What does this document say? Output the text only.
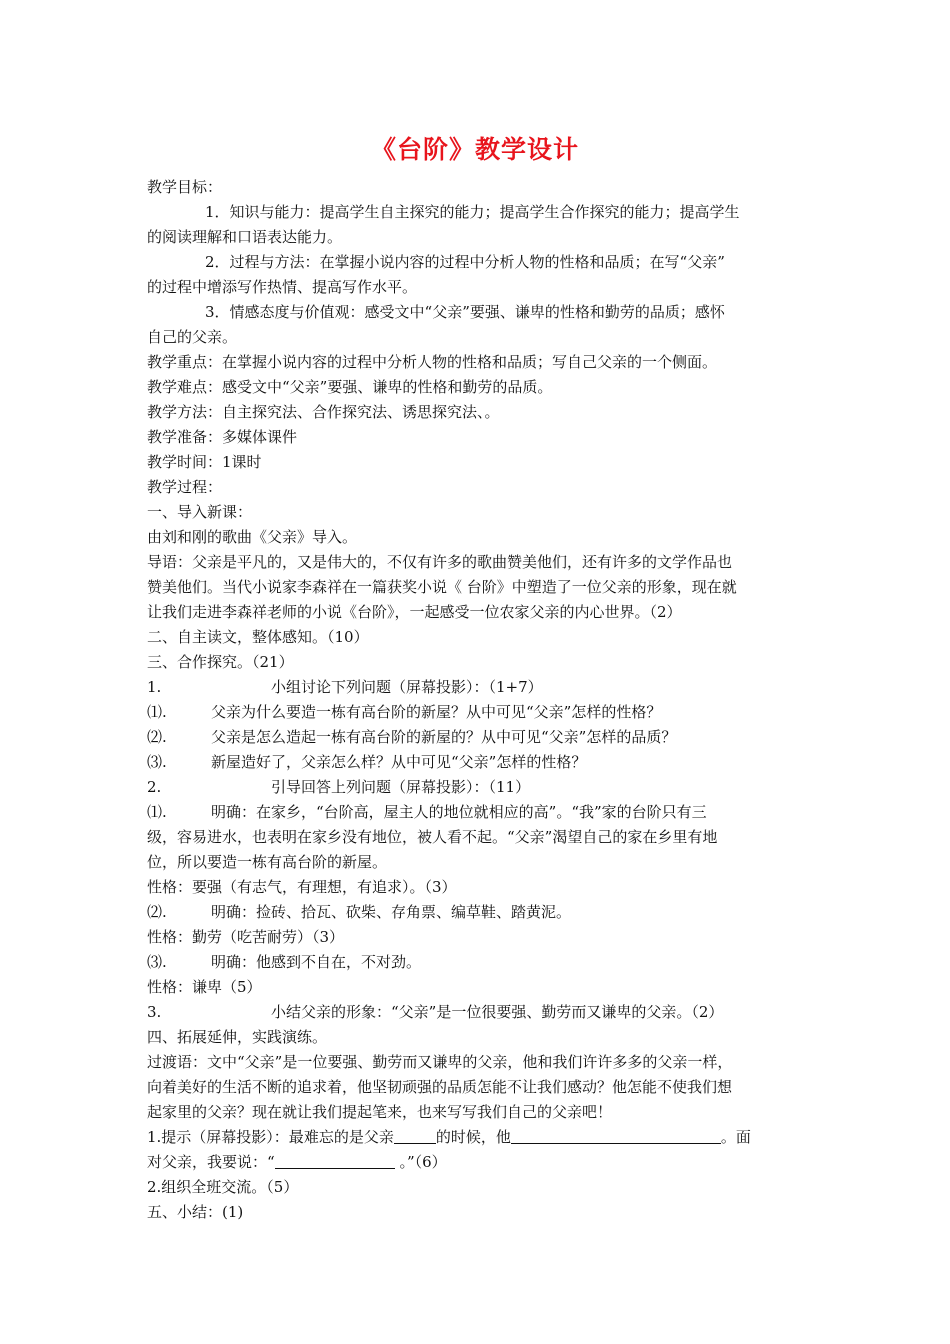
《台阶》教学设计
教学目标：
1．知识与能力：提高学生自主探究的能力；提高学生合作探究的能力；提高学生
的阅读理解和口语表达能力。
2．过程与方法：在掌握小说内容的过程中分析人物的性格和品质；在写“父亲”
的过程中增添写作热情、提高写作水平。
3．情感态度与价值观：感受文中“父亲”要强、谦卑的性格和勤劳的品质；感怀
自己的父亲。
教学重点：在掌握小说内容的过程中分析人物的性格和品质；写自己父亲的一个侧面。
教学难点：感受文中“父亲”要强、谦卑的性格和勤劳的品质。
教学方法：自主探究法、合作探究法、诱思探究法、。
教学准备：多媒体课件
教学时间：1课时
教学过程：
一、导入新课：
由刘和刚的歌曲《父亲》导入。
导语：父亲是平凡的，又是伟大的，不仅有许多的歌曲赞美他们，还有许多的文学作品也
赞美他们。当代小说家李森祥在一篇获奖小说《 台阶》中塑造了一位父亲的形象，现在就
让我们走进李森祥老师的小说《台阶》，一起感受一位农家父亲的内心世界。（2）
二、自主读文，整体感知。（10）
三、合作探究。（21）
1.	小组讨论下列问题（屏幕投影）：（1+7）
⑴.	父亲为什么要造一栋有高台阶的新屋？从中可见“父亲”怎样的性格？
⑵.	父亲是怎么造起一栋有高台阶的新屋的？从中可见“父亲”怎样的品质？
⑶.	新屋造好了，父亲怎么样？从中可见“父亲”怎样的性格？
2.	引导回答上列问题（屏幕投影）：（11）
⑴.	明确：在家乡，“台阶高，屋主人的地位就相应的高”。“我”家的台阶只有三
级，容易进水，也表明在家乡没有地位，被人看不起。“父亲”渴望自己的家在乡里有地
位，所以要造一栋有高台阶的新屋。
性格：要强（有志气，有理想，有追求）。（3）
⑵.	明确：捡砖、拾瓦、砍柴、存角票、编草鞋、踏黄泥。
性格：勤劳（吃苦耐劳）（3）
⑶.	明确：他感到不自在，不对劲。
性格：谦卑（5）
3.	小结父亲的形象：“父亲”是一位很要强、勤劳而又谦卑的父亲。（2）
四、拓展延伸，实践演练。
过渡语：文中“父亲”是一位要强、勤劳而又谦卑的父亲，他和我们许许多多的父亲一样，
向着美好的生活不断的追求着，他坚韧顽强的品质怎能不让我们感动？他怎能不使我们想
起家里的父亲？现在就让我们提起笔来，也来写写我们自己的父亲吧！
1.提示（屏幕投影）：最难忘的是父亲	的时候，他	。面
对父亲，我要说：“	。”（6）
2.组织全班交流。（5）
五、小结：(1)
